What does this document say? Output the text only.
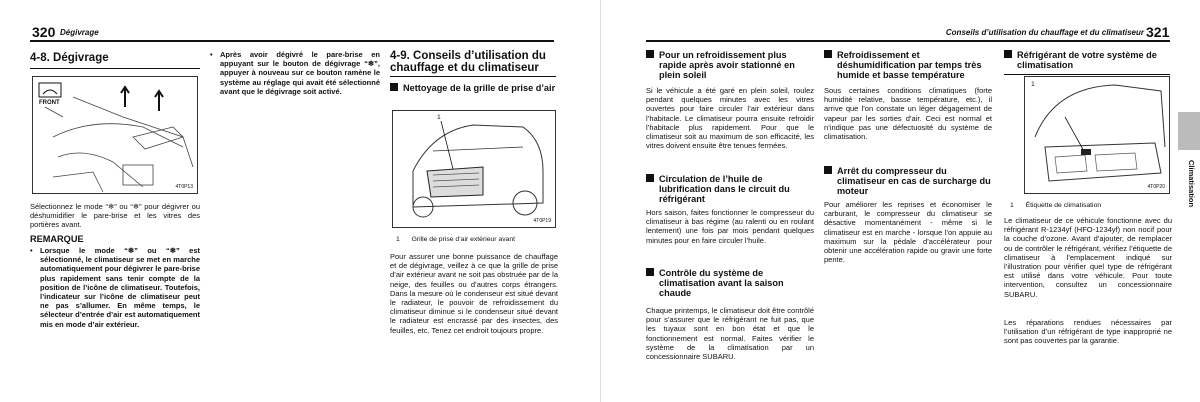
320 Dégivrage
4-8. Dégivrage
FRONT
4T0P13
Sélectionnez le mode “❄” ou “❄” pour dégivrer ou déshumidifier le pare-brise et les vitres des portières avant.
REMARQUE
• Lorsque le mode “❄” ou “❄” est sélectionné, le climatiseur se met en marche automatiquement pour dégivrer le pare-brise plus rapidement sans tenir compte de la position de l’icône de climatiseur. Toutefois, l’indicateur sur l’icône de climatiseur peut ne pas s’allumer. En même temps, le sélecteur d’entrée d’air est automatiquement mis en mode d’air extérieur.
• Après avoir dégivré le pare-brise en appuyant sur le bouton de dégivrage “❄”, appuyer à nouveau sur ce bouton ramène le système au réglage qui avait été sélectionné avant que le dégivrage soit activé.
4-9. Conseils d’utilisation du chauffage et du climatiseur
Nettoyage de la grille de prise d’air
1
4T0P19
1 Grille de prise d’air extérieur avant
Pour assurer une bonne puissance de chauffage et de dégivrage, veillez à ce que la grille de prise d’air extérieur avant ne soit pas obstruée par de la neige, des feuilles ou d’autres corps étrangers. Dans la mesure où le condenseur est situé devant le radiateur, le pouvoir de refroidissement du climatiseur diminue si le condenseur situé devant le radiateur est encrassé par des insectes, des feuilles, etc. Tenez cet endroit toujours propre.
Conseils d’utilisation du chauffage et du climatiseur 321
Pour un refroidissement plus rapide après avoir stationné en plein soleil
Si le véhicule a été garé en plein soleil, roulez pendant quelques minutes avec les vitres ouvertes pour faire circuler l’air extérieur dans l’habitacle. Le climatiseur pourra ensuite refroidir l’habitacle plus rapidement. Pour que le climatiseur soit au maximum de son efficacité, les vitres doivent ensuite être tenues fermées.
Circulation de l’huile de lubrification dans le circuit du réfrigérant
Hors saison, faites fonctionner le compresseur du climatiseur à bas régime (au ralenti ou en roulant lentement) une fois par mois pendant quelques minutes pour en faire circuler l’huile.
Contrôle du système de climatisation avant la saison chaude
Chaque printemps, le climatiseur doit être contrôlé pour s’assurer que le réfrigérant ne fuit pas, que les tuyaux sont en bon état et que le fonctionnement est normal. Faites vérifier le système de la climatisation par un concessionnaire SUBARU.
Refroidissement et déshumidification par temps très humide et basse température
Sous certaines conditions climatiques (forte humidité relative, basse température, etc.), il arrive que l’on constate un léger dégagement de vapeur par les sorties d’air. Ceci est normal et n’indique pas une défectuosité du système de climatisation.
Arrêt du compresseur du climatiseur en cas de surcharge du moteur
Pour améliorer les reprises et économiser le carburant, le compresseur du climatiseur se désactive momentanément - même si le climatiseur est en marche - lorsque l’on appuie au maximum sur la pédale d’accélérateur pour obtenir une accélération rapide ou gravir une forte pente.
Réfrigérant de votre système de climatisation
1
4T0P20
1 Étiquette de climatisation
Le climatiseur de ce véhicule fonctionne avec du réfrigérant R-1234yf (HFO-1234yf) non nocif pour la couche d’ozone. Avant d’ajouter, de remplacer ou de contrôler le réfrigérant, vérifiez l’étiquette de climatiseur à l’emplacement indiqué sur l’illustration pour vérifier quel type de réfrigérant est utilisé dans votre véhicule. Pour toute intervention, consultez un concessionnaire SUBARU.
Les réparations rendues nécessaires par l’utilisation d’un réfrigérant de type inapproprié ne sont pas couvertes par la garantie.
Climatisation
